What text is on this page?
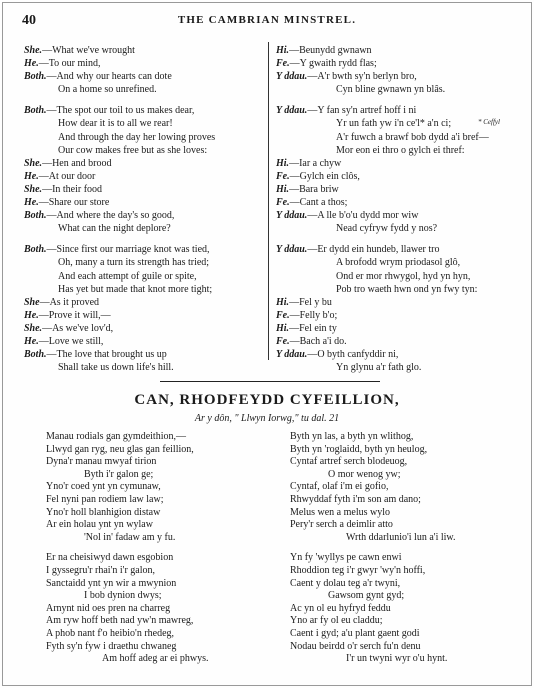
40	THE CAMBRIAN MINSTREL.
She.—What we've wrought
He.—To our mind,
Both.—And why our hearts can dote
On a home so unrefined.
Both.—The spot our toil to us makes dear,
How dear it is to all we rear!
And through the day her lowing proves
Our cow makes free but as she loves:
She.—Hen and brood
He.—At our door
She.—In their food
He.—Share our store
Both.—And where the day's so good,
What can the night deplore?
Both.—Since first our marriage knot was tied,
Oh, many a turn its strength has tried;
And each attempt of guile or spite,
Has yet but made that knot more tight;
She—As it proved
He.—Prove it will,—
She.—As we've lov'd,
He.—Love we still,
Both.—The love that brought us up
Shall take us down life's hill.
Hi.—Beunydd gwnawn
Fe.—Y gwaith rydd flas;
Y ddau.—A'r bwth sy'n berlyn bro,
Cyn bline gwnawn yn blâs.
Y ddau.—Y fan sy'n artref hoff i ni
Yr un fath yw i'n ce'l* a'n ci;
A'r fuwch a brawf bob dydd a'i bref—
Mor eon ei thro o gylch ei thref:
Hi.—Iar a chyw
Fe.—Gylch ein clôs,
Hi.—Bara briw
Fe.—Cant a thos;
Y ddau.—A lle b'o'u dydd mor wiw
Nead cyfryw fydd y nos?
Y ddau.—Er dydd ein hundeb, llawer tro
A brofodd wrym priodasol glô,
Ond er mor rhwygol, hyd yn hyn,
Pob tro waeth hwn ond yn fwy tyn:
Hi.—Fel y bu
Fe.—Felly b'o;
Hi.—Fel ein ty
Fe.—Bach a'i do.
Y ddau.—O byth canfyddir ni,
Yn glynu a'r fath glo.
* Ceffyl
CAN, RHODFEYDD CYFEILLION,
Ar y dôn, " Llwyn Iorwg," tu dal. 21
Manau rodials gan gymdeithion,—
Llwyd gan ryg, neu glas gan feillion,
Dyna'r manau mwyaf tirion
Byth i'r galon ge;
Yno'r coed ynt yn cymunaw,
Fel nyni pan rodiem law law;
Yno'r holl blanhigion distaw
Ar ein holau ynt yn wylaw
'Nol in' fadaw am y fu.
Er na cheisiwyd dawn esgobion
I gyssegru'r rhai'n i'r galon,
Sanctaidd ynt yn wir a mwynion
I bob dynion dwys;
Arnynt nid oes pren na charreg
Am ryw hoff beth nad yw'n mawreg,
A phob nant f'o heibio'n rhedeg,
Fyth sy'n fyw i draethu chwaneg
Am hoff adeg ar ei phwys.
Byth yn las, a byth yn wlithog,
Byth yn 'roglaidd, byth yn heulog,
Cyntaf artref serch blodeuog,
O mor wenog yw;
Cyntaf, olaf i'm ei gofio,
Rhwyddaf fyth i'm son am dano;
Melus wen a melus wylo
Pery'r serch a deimlir atto
Wrth ddarlunio'i lun a'i liw.
Yn fy 'wyllys pe cawn enwi
Rhoddion teg i'r gwyr 'wy'n hoffi,
Caent y dolau teg a'r twyni,
Gawsom gynt gyd;
Ac yn ol eu hyfryd feddu
Yno ar fy ol eu claddu;
Caent i gyd; a'u plant gaent godi
Nodau beirdd o'r serch fu'n denu
I'r un twyni wyr o'u hynt.
